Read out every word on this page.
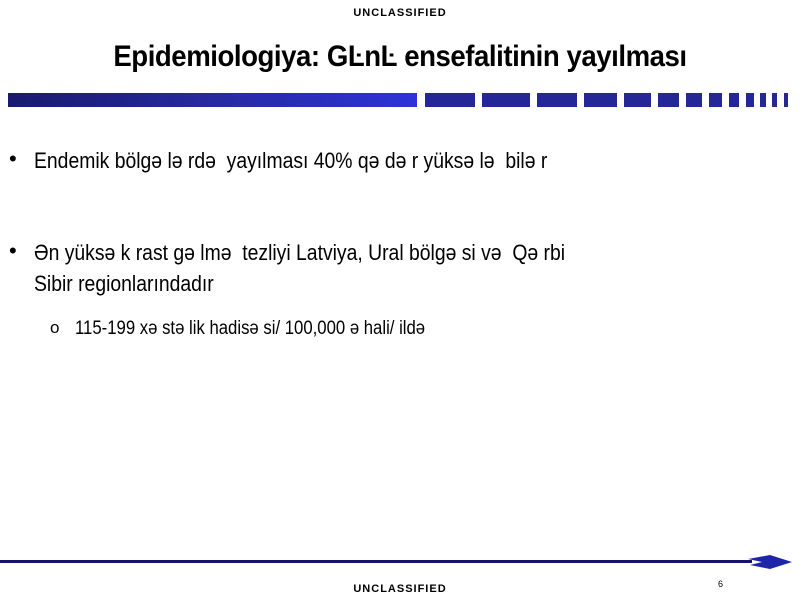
UNCLASSIFIED
Epidemiologiya: GĿnĿ ensefalitinin yayılması
• Endemik bölgə lə rdə  yayılması 40% qə də r yüksə lə  bilə r
• Ən yüksə k rast gə lmə  tezliyi Latviya, Ural bölgə si və  Qə rbi
Sibir regionlarındadır
o 115-199 xə stə lik hadisə si/ 100,000 ə hali/ ildə
6
UNCLASSIFIED
